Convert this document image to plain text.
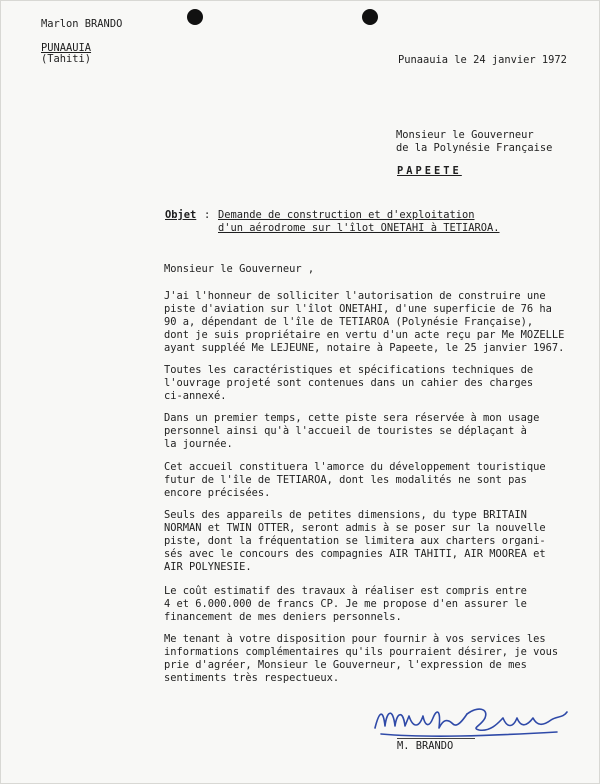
Marlon BRANDO
PUNAAUIA
(Tahiti)	Punaauia le 24 janvier 1972
Monsieur le Gouverneur
de la Polynésie Française
PAPEETE
Objet : Demande de construction et d'exploitation
d'un aérodrome sur l'îlot ONETAHI à TETIAROA.
Monsieur le Gouverneur ,
J'ai l'honneur de solliciter l'autorisation de construire une
piste d'aviation sur l'îlot ONETAHI, d'une superficie de 76 ha
90 a, dépendant de l'île de TETIAROA (Polynésie Française),
dont je suis propriétaire en vertu d'un acte reçu par Me MOZELLE
ayant suppléé Me LEJEUNE, notaire à Papeete, le 25 janvier 1967.
Toutes les caractéristiques et spécifications techniques de
l'ouvrage projeté sont contenues dans un cahier des charges
ci-annexé.
Dans un premier temps, cette piste sera réservée à mon usage
personnel ainsi qu'à l'accueil de touristes se déplaçant à
la journée.
Cet accueil constituera l'amorce du développement touristique
futur de l'île de TETIAROA, dont les modalités ne sont pas
encore précisées.
Seuls des appareils de petites dimensions, du type BRITAIN
NORMAN et TWIN OTTER, seront admis à se poser sur la nouvelle
piste, dont la fréquentation se limitera aux charters organi-
sés avec le concours des compagnies AIR TAHITI, AIR MOOREA et
AIR POLYNESIE.
Le coût estimatif des travaux à réaliser est compris entre
4 et 6.000.000 de francs CP. Je me propose d'en assurer le
financement de mes deniers personnels.
Me tenant à votre disposition pour fournir à vos services les
informations complémentaires qu'ils pourraient désirer, je vous
prie d'agréer, Monsieur le Gouverneur, l'expression de mes
sentiments très respectueux.
M. BRANDO
